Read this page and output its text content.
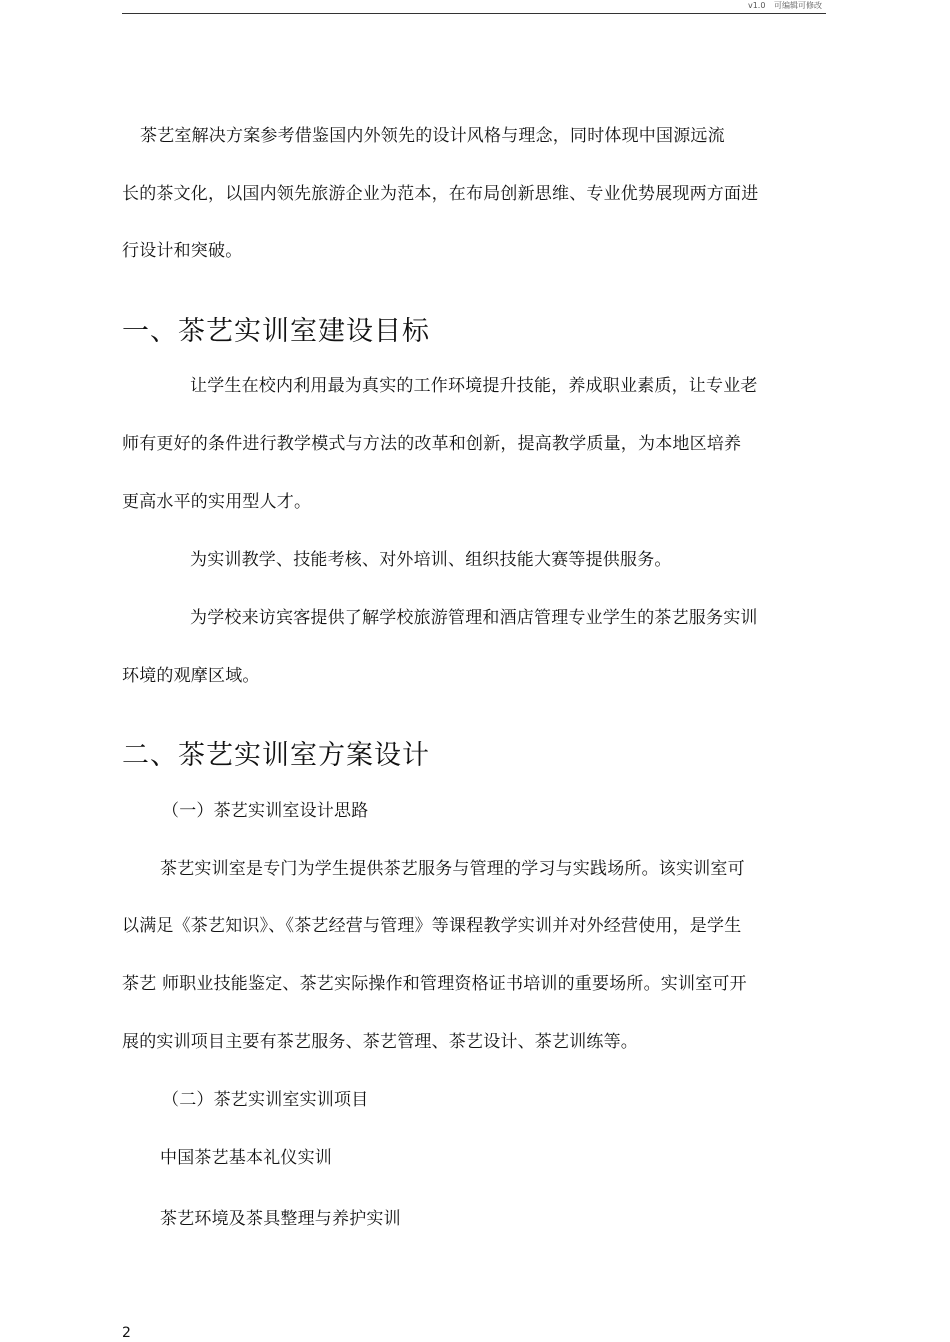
v1.0 可编辑可修改
茶艺室解决方案参考借鉴国内外领先的设计风格与理念，同时体现中国源远流
长的茶文化，以国内领先旅游企业为范本，在布局创新思维、专业优势展现两方面进
行设计和突破。
一、茶艺实训室建设目标
让学生在校内利用最为真实的工作环境提升技能，养成职业素质，让专业老
师有更好的条件进行教学模式与方法的改革和创新，提高教学质量，为本地区培养
更高水平的实用型人才。
为实训教学、技能考核、对外培训、组织技能大赛等提供服务。
为学校来访宾客提供了解学校旅游管理和酒店管理专业学生的茶艺服务实训
环境的观摩区域。
二、茶艺实训室方案设计
（一）茶艺实训室设计思路
茶艺实训室是专门为学生提供茶艺服务与管理的学习与实践场所。该实训室可
以满足《茶艺知识》、《茶艺经营与管理》等课程教学实训并对外经营使用，是学生
茶艺 师职业技能鉴定、茶艺实际操作和管理资格证书培训的重要场所。实训室可开
展的实训项目主要有茶艺服务、茶艺管理、茶艺设计、茶艺训练等。
（二）茶艺实训室实训项目
中国茶艺基本礼仪实训
茶艺环境及茶具整理与养护实训
2
